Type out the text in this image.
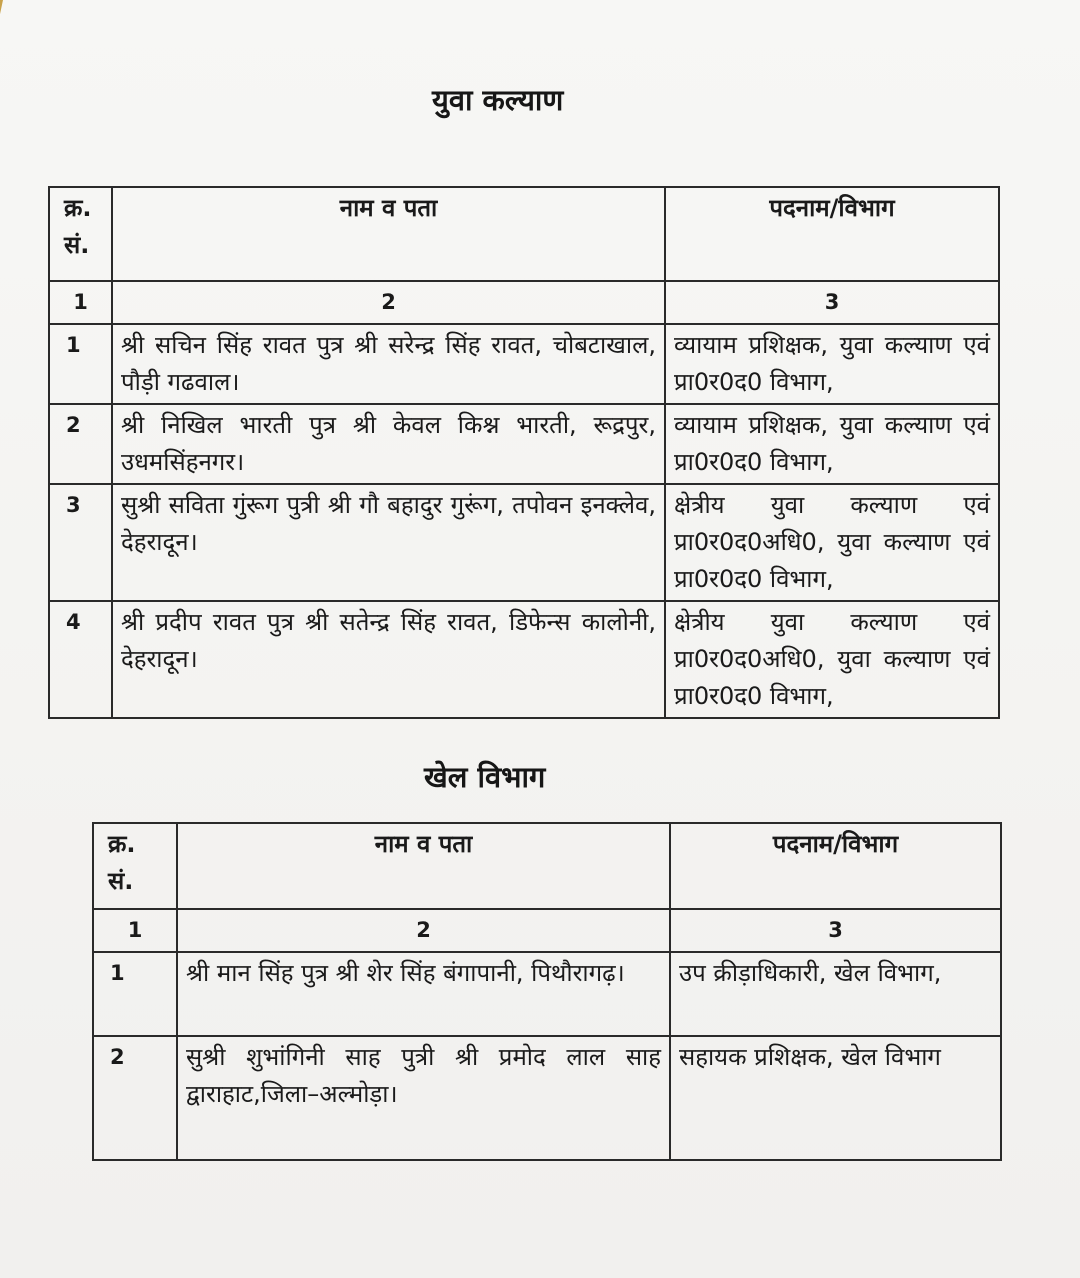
युवा कल्याण
क्र. सं.	नाम व पता	पदनाम/विभाग
1	2	3
1	श्री सचिन सिंह रावत पुत्र श्री सरेन्द्र सिंह रावत, चोबटाखाल, पौड़ी गढवाल।	व्यायाम प्रशिक्षक, युवा कल्याण एवं प्रा0र0द0 विभाग,
2	श्री निखिल भारती पुत्र श्री केवल किश्न भारती, रूद्रपुर, उधमसिंहनगर।	व्यायाम प्रशिक्षक, युवा कल्याण एवं प्रा0र0द0 विभाग,
3	सुश्री सविता गुंरूग पुत्री श्री गौ बहादुर गुरूंग, तपोवन इनक्लेव, देहरादून।	क्षेत्रीय युवा कल्याण एवं प्रा0र0द0अधि0, युवा कल्याण एवं प्रा0र0द0 विभाग,
4	श्री प्रदीप रावत पुत्र श्री सतेन्द्र सिंह रावत, डिफेन्स कालोनी, देहरादून।	क्षेत्रीय युवा कल्याण एवं प्रा0र0द0अधि0, युवा कल्याण एवं प्रा0र0द0 विभाग,
खेल विभाग
क्र. सं.	नाम व पता	पदनाम/विभाग
1	2	3
1	श्री मान सिंह पुत्र श्री शेर सिंह बंगापानी, पिथौरागढ़।	उप क्रीड़ाधिकारी, खेल विभाग,
2	सुश्री शुभांगिनी साह पुत्री श्री प्रमोद लाल साह द्वाराहाट,जिला–अल्मोड़ा।	सहायक प्रशिक्षक, खेल विभाग
